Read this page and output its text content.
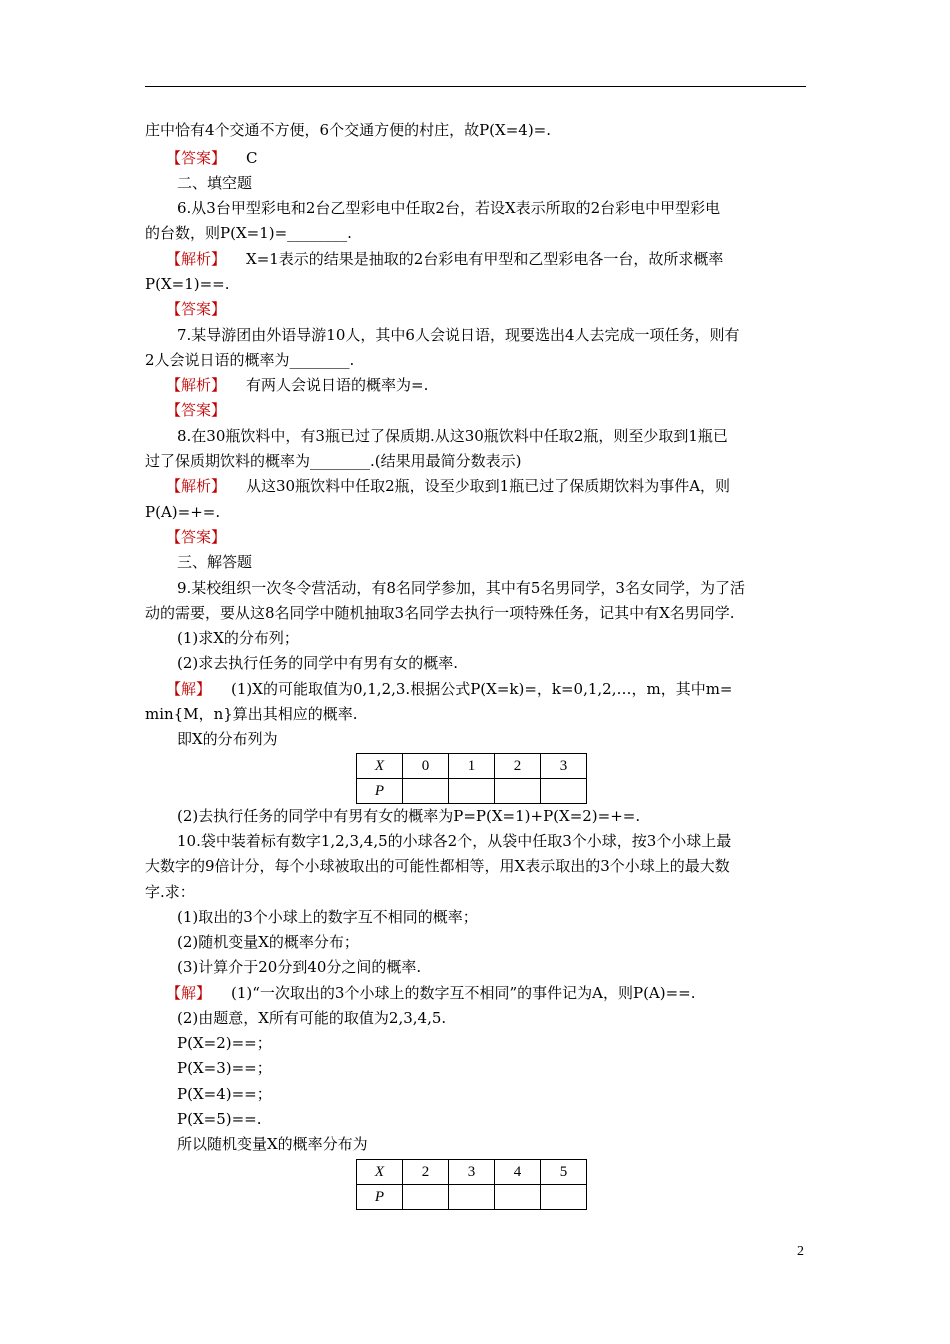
庄中恰有4个交通不方便，6个交通方便的村庄，故P(X=4)=.
【答案】 C
二、填空题
6.从3台甲型彩电和2台乙型彩电中任取2台，若设X表示所取的2台彩电中甲型彩电
的台数，则P(X=1)=________.
【解析】 X=1表示的结果是抽取的2台彩电有甲型和乙型彩电各一台，故所求概率
P(X=1)==.
【答案】
7.某导游团由外语导游10人，其中6人会说日语，现要选出4人去完成一项任务，则有
2人会说日语的概率为________.
【解析】 有两人会说日语的概率为=.
【答案】
8.在30瓶饮料中，有3瓶已过了保质期.从这30瓶饮料中任取2瓶，则至少取到1瓶已
过了保质期饮料的概率为________.(结果用最简分数表示)
【解析】 从这30瓶饮料中任取2瓶，设至少取到1瓶已过了保质期饮料为事件A，则
P(A)=+=.
【答案】
三、解答题
9.某校组织一次冬令营活动，有8名同学参加，其中有5名男同学，3名女同学，为了活
动的需要，要从这8名同学中随机抽取3名同学去执行一项特殊任务，记其中有X名男同学.
(1)求X的分布列；
(2)求去执行任务的同学中有男有女的概率.
【解】 (1)X的可能取值为0,1,2,3.根据公式P(X=k)=，k=0,1,2,…，m，其中m=
min{M，n}算出其相应的概率.
即X的分布列为
X	0	1	2	3
P				
(2)去执行任务的同学中有男有女的概率为P=P(X=1)+P(X=2)=+=.
10.袋中装着标有数字1,2,3,4,5的小球各2个，从袋中任取3个小球，按3个小球上最
大数字的9倍计分，每个小球被取出的可能性都相等，用X表示取出的3个小球上的最大数
字.求：
(1)取出的3个小球上的数字互不相同的概率；
(2)随机变量X的概率分布；
(3)计算介于20分到40分之间的概率.
【解】 (1)“一次取出的3个小球上的数字互不相同”的事件记为A，则P(A)==.
(2)由题意，X所有可能的取值为2,3,4,5.
P(X=2)==；
P(X=3)==；
P(X=4)==；
P(X=5)==.
所以随机变量X的概率分布为
X	2	3	4	5
P				
2
